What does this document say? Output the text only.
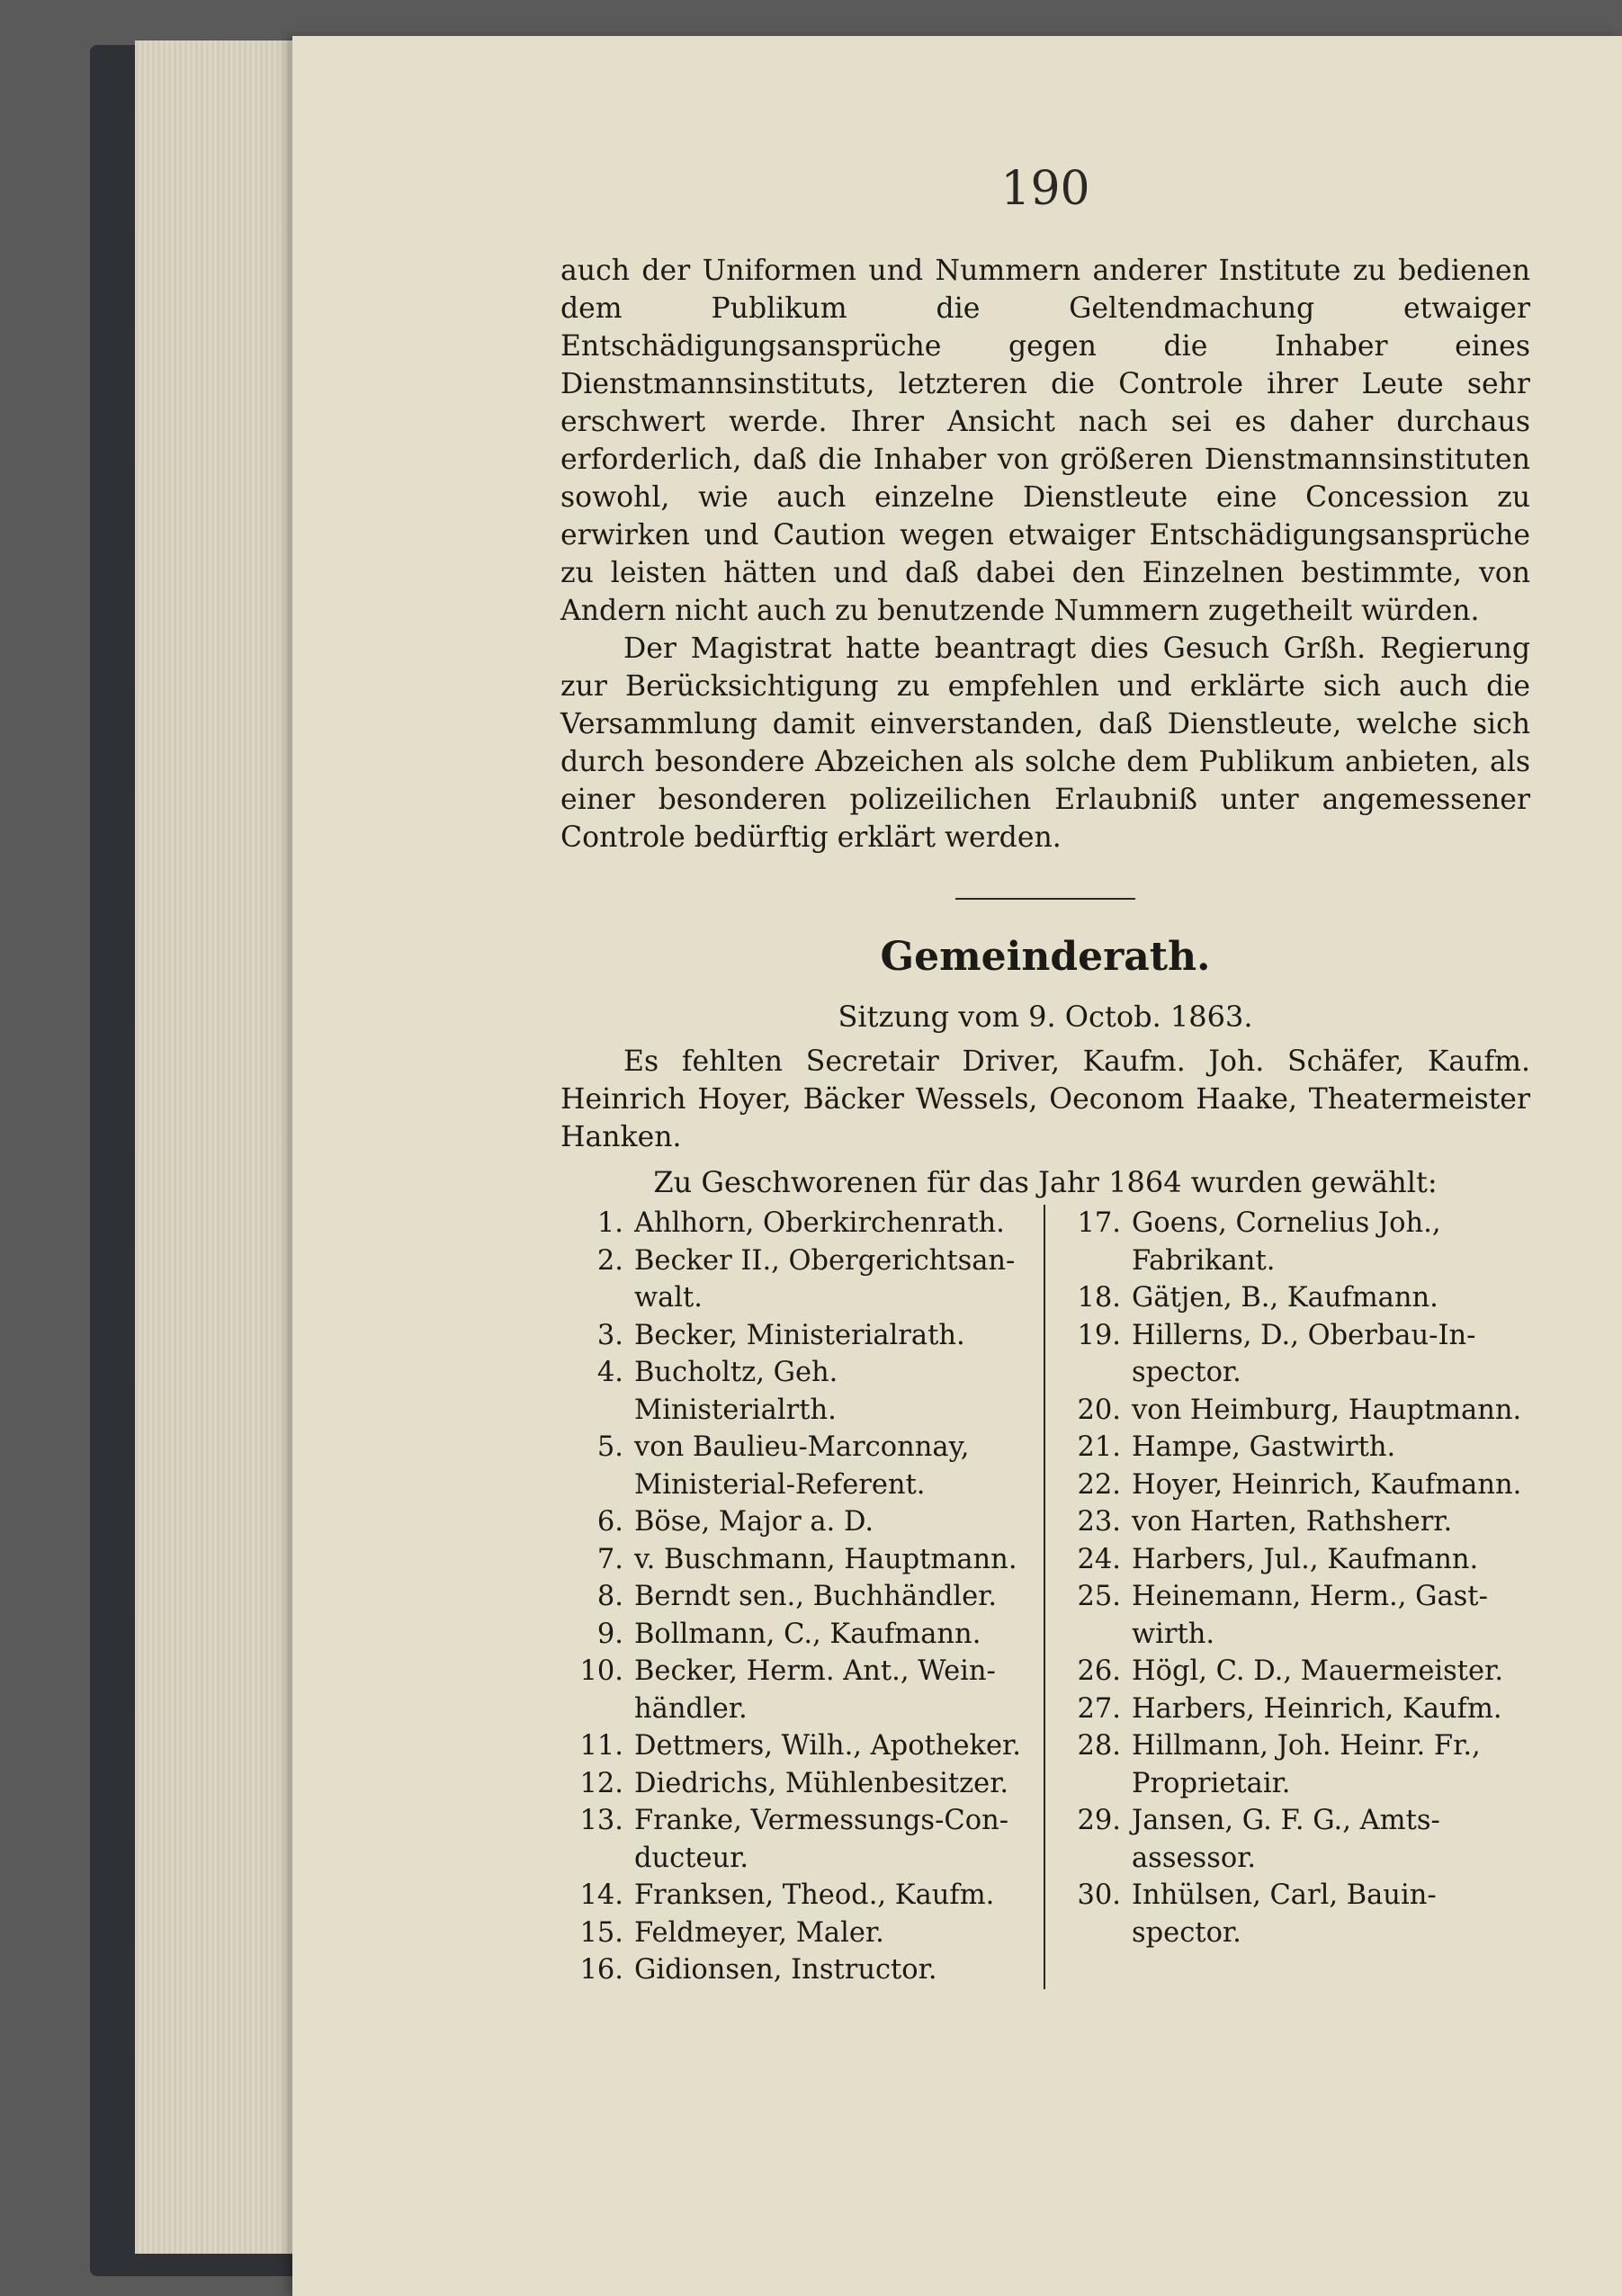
190

auch der Uniformen und Nummern anderer Institute zu bedienen dem Publikum die Geltendmachung etwaiger Entschädigungsansprüche gegen die Inhaber eines Dienstmannsinstituts, letzteren die Controle ihrer Leute sehr erschwert werde. Ihrer Ansicht nach sei es daher durchaus erforderlich, daß die Inhaber von größeren Dienstmannsinstituten sowohl, wie auch einzelne Dienstleute eine Concession zu erwirken und Caution wegen etwaiger Entschädigungsansprüche zu leisten hätten und daß dabei den Einzelnen bestimmte, von Andern nicht auch zu benutzende Nummern zugetheilt würden.

Der Magistrat hatte beantragt dies Gesuch Grßh. Regierung zur Berücksichtigung zu empfehlen und erklärte sich auch die Versammlung damit einverstanden, daß Dienstleute, welche sich durch besondere Abzeichen als solche dem Publikum anbieten, als einer besonderen polizeilichen Erlaubniß unter angemessener Controle bedürftig erklärt werden.

Gemeinderath.
Sitzung vom 9. Octob. 1863.

Es fehlten Secretair Driver, Kaufm. Joh. Schäfer, Kaufm. Heinrich Hoyer, Bäcker Wessels, Oeconom Haake, Theatermeister Hanken.

Zu Geschworenen für das Jahr 1864 wurden gewählt:
1. Ahlhorn, Oberkirchenrath.
2. Becker II., Obergerichtsan-
walt.
3. Becker, Ministerialrath.
4. Bucholtz, Geh. Ministerialrth.
5. von Baulieu-Marconnay,
Ministerial-Referent.
6. Böse, Major a. D.
7. v. Buschmann, Hauptmann.
8. Berndt sen., Buchhändler.
9. Bollmann, C., Kaufmann.
10. Becker, Herm. Ant., Wein-
händler.
11. Dettmers, Wilh., Apotheker.
12. Diedrichs, Mühlenbesitzer.
13. Franke, Vermessungs-Con-
ducteur.
14. Franksen, Theod., Kaufm.
15. Feldmeyer, Maler.
16. Gidionsen, Instructor.
17. Goens, Cornelius Joh.,
Fabrikant.
18. Gätjen, B., Kaufmann.
19. Hillerns, D., Oberbau-In-
spector.
20. von Heimburg, Hauptmann.
21. Hampe, Gastwirth.
22. Hoyer, Heinrich, Kaufmann.
23. von Harten, Rathsherr.
24. Harbers, Jul., Kaufmann.
25. Heinemann, Herm., Gast-
wirth.
26. Högl, C. D., Mauermeister.
27. Harbers, Heinrich, Kaufm.
28. Hillmann, Joh. Heinr. Fr.,
Proprietair.
29. Jansen, G. F. G., Amts-
assessor.
30. Inhülsen, Carl, Bauin-
spector.
